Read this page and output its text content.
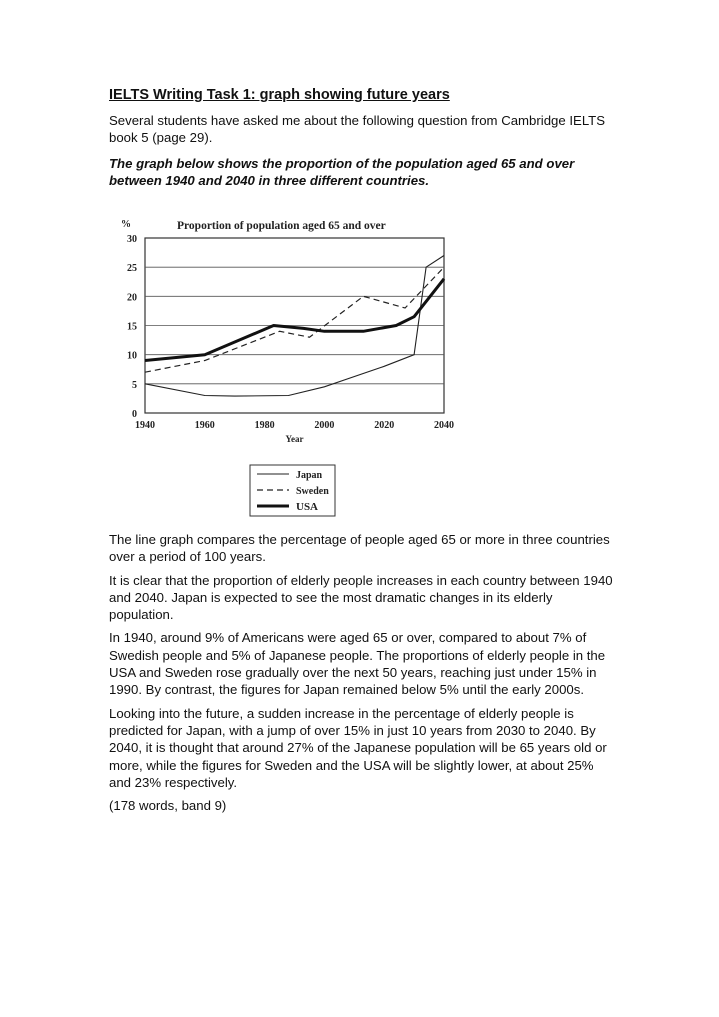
IELTS Writing Task 1: graph showing future years

Several students have asked me about the following question from Cambridge IELTS book 5 (page 29).

The graph below shows the proportion of the population aged 65 and over between 1940 and 2040 in three different countries.

0
5
10
15
20
25
30
1940	1960	1980	2000	2020	2040
%
Year
Proportion of population aged 65 and over
Japan
Sweden
USA

The line graph compares the percentage of people aged 65 or more in three countries over a period of 100 years.

It is clear that the proportion of elderly people increases in each country between 1940 and 2040. Japan is expected to see the most dramatic changes in its elderly population.

In 1940, around 9% of Americans were aged 65 or over, compared to about 7% of Swedish people and 5% of Japanese people. The proportions of elderly people in the USA and Sweden rose gradually over the next 50 years, reaching just under 15% in 1990. By contrast, the figures for Japan remained below 5% until the early 2000s.

Looking into the future, a sudden increase in the percentage of elderly people is predicted for Japan, with a jump of over 15% in just 10 years from 2030 to 2040. By 2040, it is thought that around 27% of the Japanese population will be 65 years old or more, while the figures for Sweden and the USA will be slightly lower, at about 25% and 23% respectively.

(178 words, band 9)
